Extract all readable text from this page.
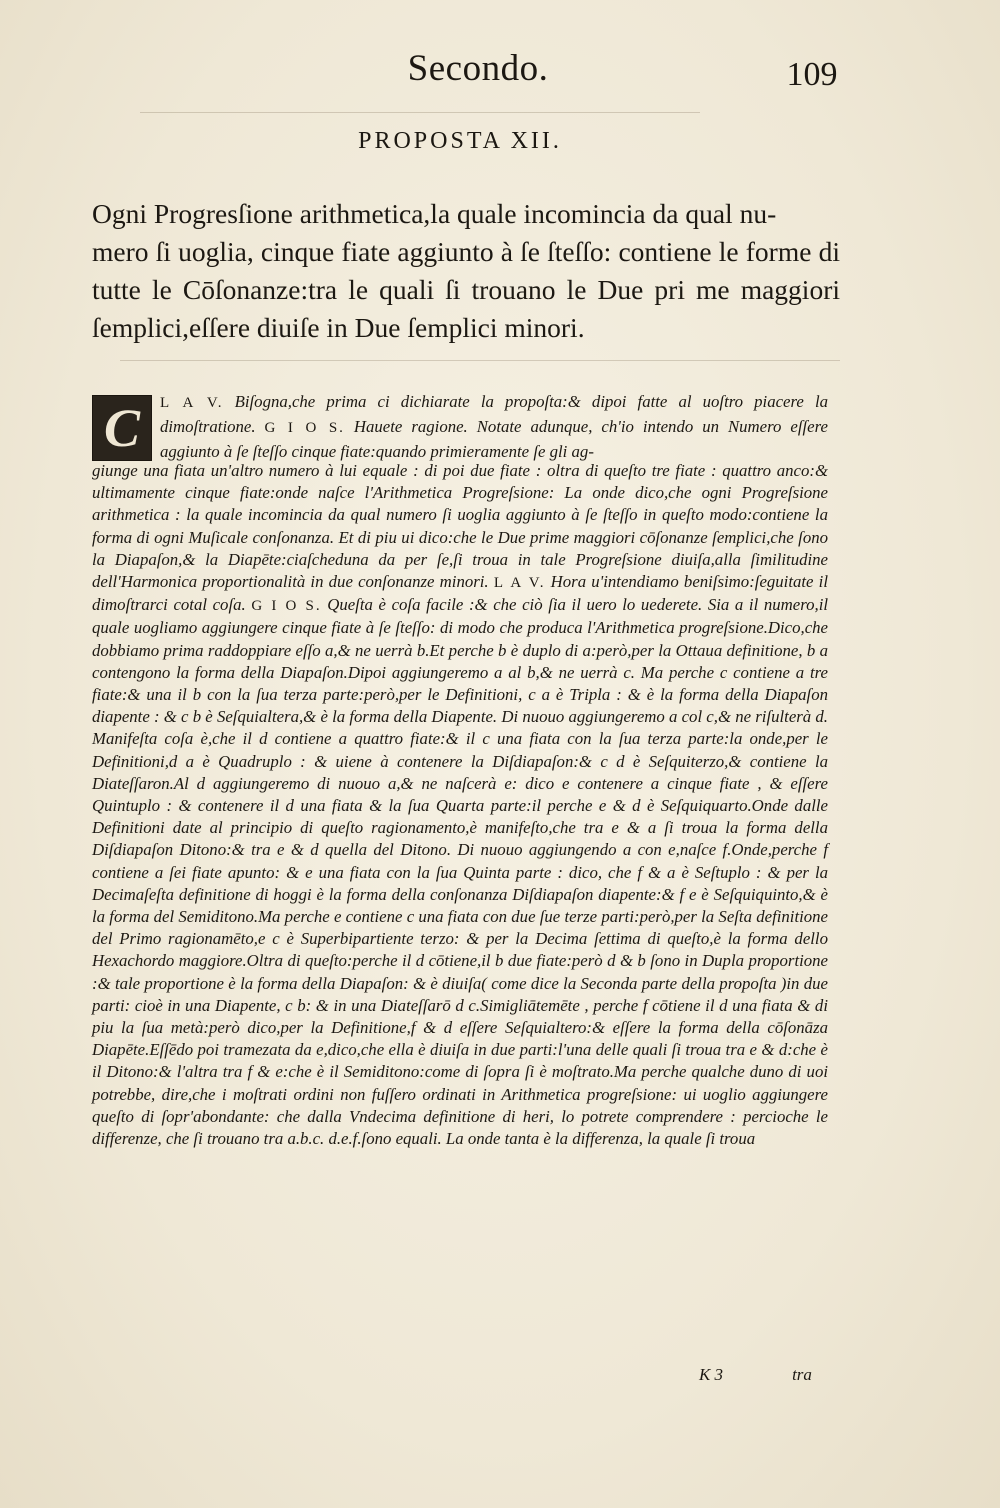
Secondo.	109
PROPOSTA XII.
Ogni Progresſione arithmetica,la quale incomincia da qual nu-
mero ſi uoglia, cinque fiate aggiunto à ſe ſteſſo: contiene le forme di tutte le Cōſonanze:tra le quali ſi trouano le Due pri me maggiori ſemplici,eſſere diuiſe in Due ſemplici minori.
C L A V. Biſogna,che prima ci dichiarate la propoſta:& dipoi fatte al uoſtro piacere la dimoſtratione. G I O S. Hauete ragione. Notate adunque, ch'io intendo un Numero eſſere aggiunto à ſe ſteſſo cinque fiate:quando primieramente ſe gli ag-
giunge una fiata un'altro numero à lui equale : di poi due fiate : oltra di queſto tre fiate : quattro anco:& ultimamente cinque fiate:onde naſce l'Arithmetica Progreſsione: La onde dico,che ogni Progreſsione arithmetica : la quale incomincia da qual numero ſi uoglia aggiunto à ſe ſteſſo in queſto modo:contiene la forma di ogni Muſicale conſonanza. Et di piu ui dico:che le Due prime maggiori cōſonanze ſemplici,che ſono la Diapaſon,& la Diapēte:ciaſcheduna da per ſe,ſi troua in tale Progreſsione diuiſa,alla ſimilitudine dell'Harmonica proportionalità in due conſonanze minori. L A V. Hora u'intendiamo beniſsimo:ſeguitate il dimoſtrarci cotal coſa. G I O S. Queſta è coſa facile :& che ciò ſia il uero lo uederete. Sia a il numero,il quale uogliamo aggiungere cinque fiate à ſe ſteſſo: di modo che produca l'Arithmetica progreſsione.Dico,che dobbiamo prima raddoppiare eſſo a,& ne uerrà b.Et perche b è duplo di a:però,per la Ottaua definitione, b a contengono la forma della Diapaſon.Dipoi aggiungeremo a al b,& ne uerrà c. Ma perche c contiene a tre fiate:& una il b con la ſua terza parte:però,per le Definitioni, c a è Tripla : & è la forma della Diapaſon diapente : & c b è Seſquialtera,& è la forma della Diapente. Di nuouo aggiungeremo a col c,& ne riſulterà d. Manifeſta coſa è,che il d contiene a quattro fiate:& il c una fiata con la ſua terza parte:la onde,per le Definitioni,d a è Quadruplo : & uiene à contenere la Diſdiapaſon:& c d è Seſquiterzo,& contiene la Diateſſaron.Al d aggiungeremo di nuouo a,& ne naſcerà e: dico e contenere a cinque fiate , & eſſere Quintuplo : & contenere il d una fiata & la ſua Quarta parte:il perche e & d è Seſquiquarto.Onde dalle Definitioni date al principio di queſto ragionamento,è manifeſto,che tra e & a ſi troua la forma della Diſdiapaſon Ditono:& tra e & d quella del Ditono. Di nuouo aggiungendo a con e,naſce f.Onde,perche f contiene a ſei fiate apunto: & e una fiata con la ſua Quinta parte : dico, che f & a è Seſtuplo : & per la Decimaſeſta definitione di hoggi è la forma della conſonanza Diſdiapaſon diapente:& f e è Seſquiquinto,& è la forma del Semiditono.Ma perche e contiene c una fiata con due ſue terze parti:però,per la Seſta definitione del Primo ragionamēto,e c è Superbipartiente terzo: & per la Decima ſettima di queſto,è la forma dello Hexachordo maggiore.Oltra di queſto:perche il d cōtiene,il b due fiate:però d & b ſono in Dupla proportione :& tale proportione è la forma della Diapaſon: & è diuiſa( come dice la Seconda parte della propoſta )in due parti: cioè in una Diapente, c b: & in una Diateſſarō d c.Simigliātemēte , perche f cōtiene il d una fiata & di piu la ſua metà:però dico,per la Definitione,f & d eſſere Seſquialtero:& eſſere la forma della cōſonāza Diapēte.Eſſēdo poi tramezata da e,dico,che ella è diuiſa in due parti:l'una delle quali ſi troua tra e & d:che è il Ditono:& l'altra tra f & e:che è il Semiditono:come di ſopra ſi è moſtrato.Ma perche qualche duno di uoi potrebbe, dire,che i moſtrati ordini non fuſſero ordinati in Arithmetica progreſsione: ui uoglio aggiungere queſto di ſopr'abondante: che dalla Vndecima definitione di heri, lo potrete comprendere : percioche le differenze, che ſi trouano tra a.b.c. d.e.f.ſono equali. La onde tanta è la differenza, la quale ſi troua
K 3	tra
